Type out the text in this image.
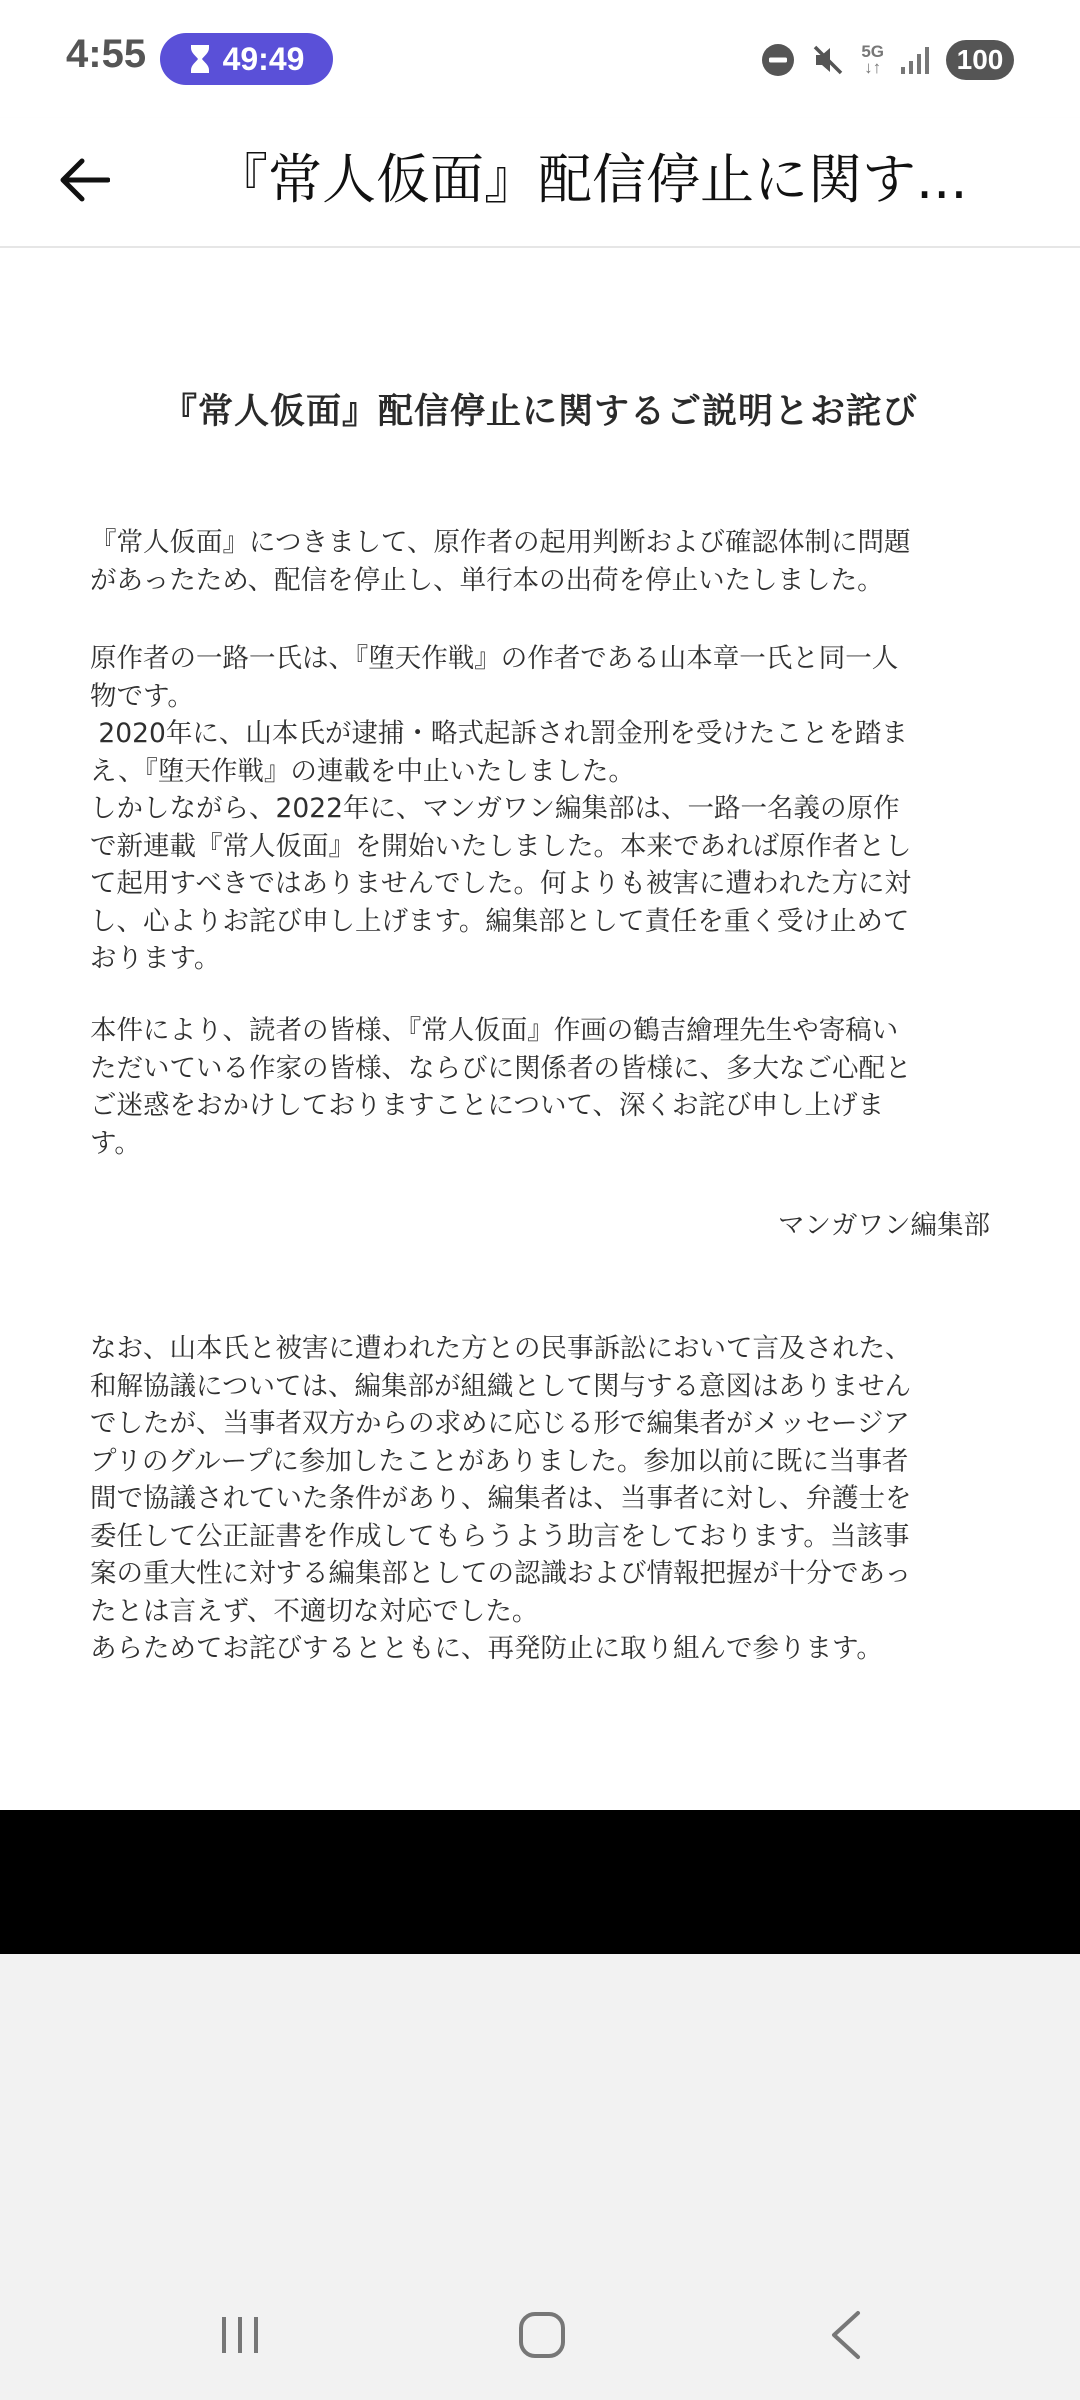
4:55 49:49	5G
↓↑	100
『常人仮面』配信停止に関す...
『常人仮面』配信停止に関するご説明とお詫び
『常人仮面』につきまして、原作者の起用判断および確認体制に問題
があったため、配信を停止し、単行本の出荷を停止いたしました。
原作者の一路一氏は、『堕天作戦』の作者である山本章一氏と同一人
物です。
2020年に、山本氏が逮捕・略式起訴され罰金刑を受けたことを踏ま
え、『堕天作戦』の連載を中止いたしました。
しかしながら、2022年に、マンガワン編集部は、一路一名義の原作
で新連載『常人仮面』を開始いたしました。本来であれば原作者とし
て起用すべきではありませんでした。何よりも被害に遭われた方に対
し、心よりお詫び申し上げます。編集部として責任を重く受け止めて
おります。
本件により、読者の皆様、『常人仮面』作画の鶴吉繪理先生や寄稿い
ただいている作家の皆様、ならびに関係者の皆様に、多大なご心配と
ご迷惑をおかけしておりますことについて、深くお詫び申し上げま
す。
マンガワン編集部
なお、山本氏と被害に遭われた方との民事訴訟において言及された、
和解協議については、編集部が組織として関与する意図はありません
でしたが、当事者双方からの求めに応じる形で編集者がメッセージア
プリのグループに参加したことがありました。参加以前に既に当事者
間で協議されていた条件があり、編集者は、当事者に対し、弁護士を
委任して公正証書を作成してもらうよう助言をしております。当該事
案の重大性に対する編集部としての認識および情報把握が十分であっ
たとは言えず、不適切な対応でした。
あらためてお詫びするとともに、再発防止に取り組んで参ります。
